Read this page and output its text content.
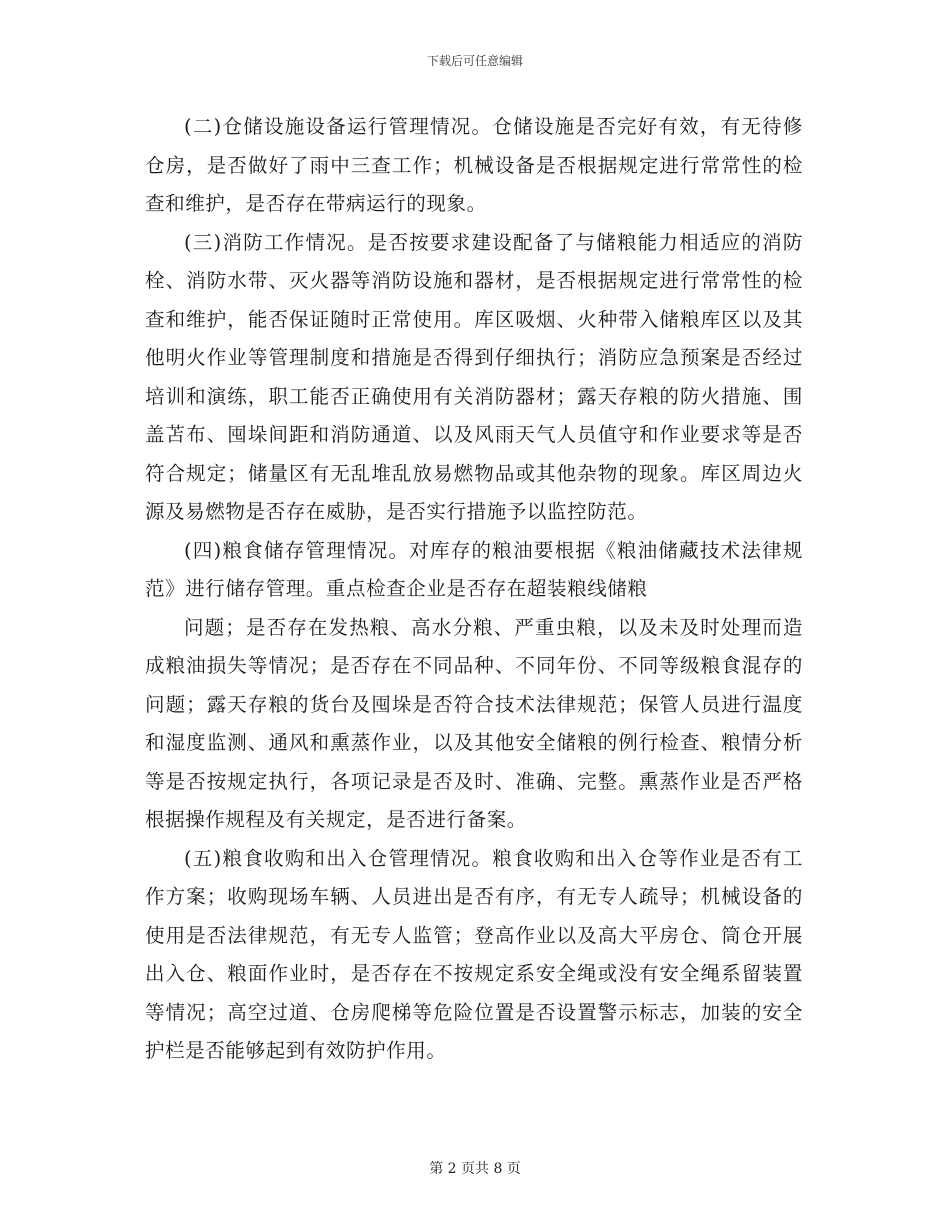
下载后可任意编辑

(二)仓储设施设备运行管理情况。仓储设施是否完好有效，有无待修仓房，是否做好了雨中三查工作；机械设备是否根据规定进行常常性的检查和维护，是否存在带病运行的现象。

(三)消防工作情况。是否按要求建设配备了与储粮能力相适应的消防栓、消防水带、灭火器等消防设施和器材，是否根据规定进行常常性的检查和维护，能否保证随时正常使用。库区吸烟、火种带入储粮库区以及其他明火作业等管理制度和措施是否得到仔细执行；消防应急预案是否经过培训和演练，职工能否正确使用有关消防器材；露天存粮的防火措施、围盖苫布、囤垛间距和消防通道、以及风雨天气人员值守和作业要求等是否符合规定；储量区有无乱堆乱放易燃物品或其他杂物的现象。库区周边火源及易燃物是否存在威胁，是否实行措施予以监控防范。

(四)粮食储存管理情况。对库存的粮油要根据《粮油储藏技术法律规范》进行储存管理。重点检查企业是否存在超装粮线储粮

问题；是否存在发热粮、高水分粮、严重虫粮，以及未及时处理而造成粮油损失等情况；是否存在不同品种、不同年份、不同等级粮食混存的问题；露天存粮的货台及囤垛是否符合技术法律规范；保管人员进行温度和湿度监测、通风和熏蒸作业，以及其他安全储粮的例行检查、粮情分析等是否按规定执行，各项记录是否及时、准确、完整。熏蒸作业是否严格根据操作规程及有关规定，是否进行备案。

(五)粮食收购和出入仓管理情况。粮食收购和出入仓等作业是否有工作方案；收购现场车辆、人员进出是否有序，有无专人疏导；机械设备的使用是否法律规范，有无专人监管；登高作业以及高大平房仓、筒仓开展出入仓、粮面作业时，是否存在不按规定系安全绳或没有安全绳系留装置等情况；高空过道、仓房爬梯等危险位置是否设置警示标志，加装的安全护栏是否能够起到有效防护作用。

第 2 页共 8 页
